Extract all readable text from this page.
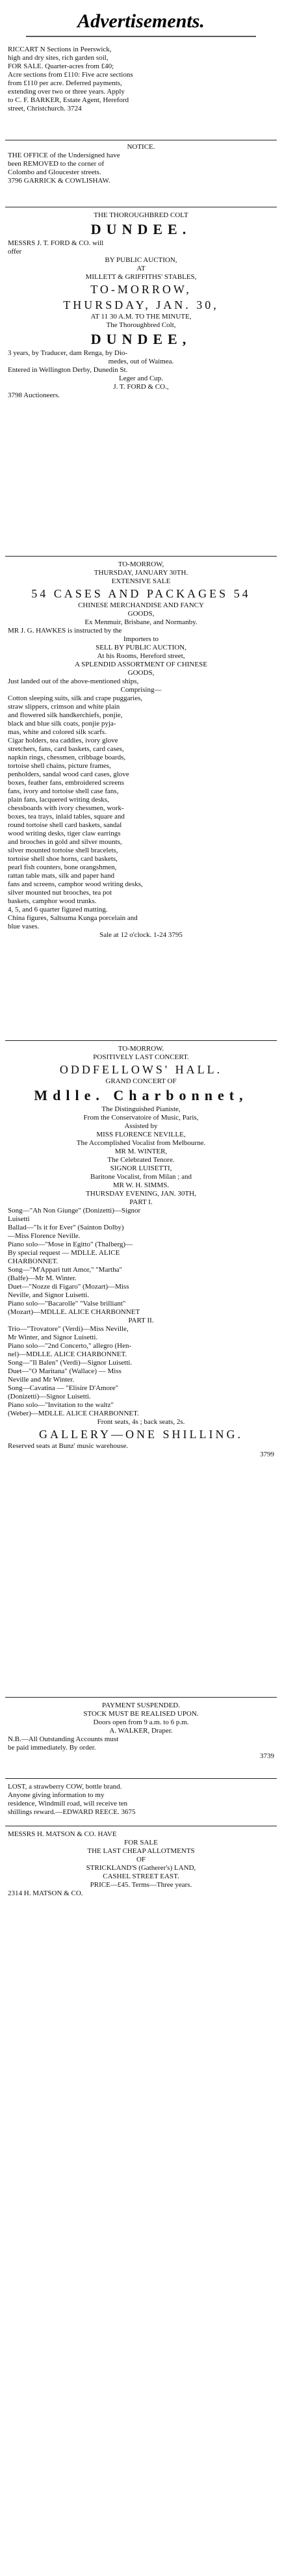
Advertisements.
RICCART N Sections in Peerswick,
high and dry sites, rich garden soil,
FOR SALE. Quarter-acres from £40;
Acre sections from £110: Five acre sections
from £110 per acre. Deferred payments,
extending over two or three years. Apply
to C. F. BARKER, Estate Agent, Hereford
street, Christchurch. 3724
NOTICE.
THE OFFICE of the Undersigned have
been REMOVED to the corner of
Colombo and Gloucester streets.
3796 GARRICK & COWLISHAW.
THE THOROUGHBRED COLT
DUNDEE.
MESSRS J. T. FORD & CO. will
offer
BY PUBLIC AUCTION,
AT
MILLETT & GRIFFITHS' STABLES,
TO-MORROW,
THURSDAY, JAN. 30,
AT 11 30 A.M. TO THE MINUTE,
The Thoroughbred Colt,
DUNDEE,
3 years, by Traducer, dam Renga, by Dio-
medes, out of Waimea.
Entered in Wellington Derby, Dunedin St.
Leger and Cup.
J. T. FORD & CO.,
3798 Auctioneers.
TO-MORROW,
THURSDAY, JANUARY 30TH.
EXTENSIVE SALE
54 CASES AND PACKAGES 54
CHINESE MERCHANDISE AND FANCY
GOODS,
Ex Menmuir, Brisbane, and Normanby.
MR J. G. HAWKES is instructed by the
Importers to
SELL BY PUBLIC AUCTION,
At his Rooms, Hereford street,
A SPLENDID ASSORTMENT OF CHINESE
GOODS,
Just landed out of the above-mentioned ships,
Comprising—
Cotton sleeping suits, silk and crape puggaries,
straw slippers, crimson and white plain
and flowered silk handkerchiefs, ponjie,
black and blue silk coats, ponjie pyja-
mas, white and colored silk scarfs.
Cigar holders, tea caddies, ivory glove
stretchers, fans, card baskets, card cases,
napkin rings, chessmen, cribbage boards,
tortoise shell chains, picture frames,
penholders, sandal wood card cases, glove
boxes, feather fans, embroidered screens
fans, ivory and tortoise shell case fans,
plain fans, lacquered writing desks,
chessboards with ivory chessmen, work-
boxes, tea trays, inlaid tables, square and
round tortoise shell card baskets, sandal
wood writing desks, tiger claw earrings
and brooches in gold and silver mounts,
silver mounted tortoise shell bracelets,
tortoise shell shoe horns, card baskets,
pearl fish counters, bone orangshmen,
rattan table mats, silk and paper hand
fans and screens, camphor wood writing desks,
silver mounted nut brooches, tea pot
baskets, camphor wood trunks.
4, 5, and 6 quarter figured matting.
China figures, Saltsuma Kunga porcelain and
blue vases.
Sale at 12 o'clock. 1-24 3795
TO-MORROW.
POSITIVELY LAST CONCERT.
ODDFELLOWS' HALL.
GRAND CONCERT OF
Mdlle. Charbonnet,
The Distinguished Pianiste,
From the Conservatoire of Music, Paris,
Assisted by
MISS FLORENCE NEVILLE,
The Accomplished Vocalist from Melbourne.
MR M. WINTER,
The Celebrated Tenore.
SIGNOR LUISETTI,
Baritone Vocalist, from Milan ; and
MR W. H. SIMMS.
THURSDAY EVENING, JAN. 30TH,
PART I.
Song—"Ah Non Giunge" (Donizetti)—Signor
Luisetti
Ballad—"Is it for Ever" (Sainton Dolby)
—Miss Florence Neville.
Piano solo—"Mose in Egitto" (Thalberg)—
By special request — MDLLE. ALICE
CHARBONNET.
Song—"M'Appari tutt Amor," "Martha"
(Balfe)—Mr M. Winter.
Duet—"Nozze di Figaro" (Mozart)—Miss
Neville, and Signor Luisetti.
Piano solo—"Bacarolle" "Valse brilliant"
(Mozart)—MDLLE. ALICE CHARBONNET
PART II.
Trio—"Trovatore" (Verdi)—Miss Neville,
Mr Winter, and Signor Luisetti.
Piano solo—"2nd Concerto," allegro (Hen-
nel)—MDLLE. ALICE CHARBONNET.
Song—"Il Balen" (Verdi)—Signor Luisetti.
Duet—"O Maritana" (Wallace) — Miss
Neville and Mr Winter.
Song—Cavatina — "Elisire D'Amore"
(Donizetti)—Signor Luisetti.
Piano solo—"Invitation to the waltz"
(Weber)—MDLLE. ALICE CHARBONNET.
Front seats, 4s ; back seats, 2s.
GALLERY—ONE SHILLING.
Reserved seats at Bunz' music warehouse.
3799
PAYMENT SUSPENDED.
STOCK MUST BE REALISED UPON.
Doors open from 9 a.m. to 6 p.m.
A. WALKER, Draper.
N.B.—All Outstanding Accounts must
be paid immediately. By order.
3739
LOST, a strawberry COW, bottle brand.
Anyone giving information to my
residence, Windmill road, will receive ten
shillings reward.—EDWARD REECE. 3675
MESSRS H. MATSON & CO. HAVE
FOR SALE
THE LAST CHEAP ALLOTMENTS
OF
STRICKLAND'S (Gatherer's) LAND,
CASHEL STREET EAST.
PRICE—£45. Terms—Three years.
2314 H. MATSON & CO.
